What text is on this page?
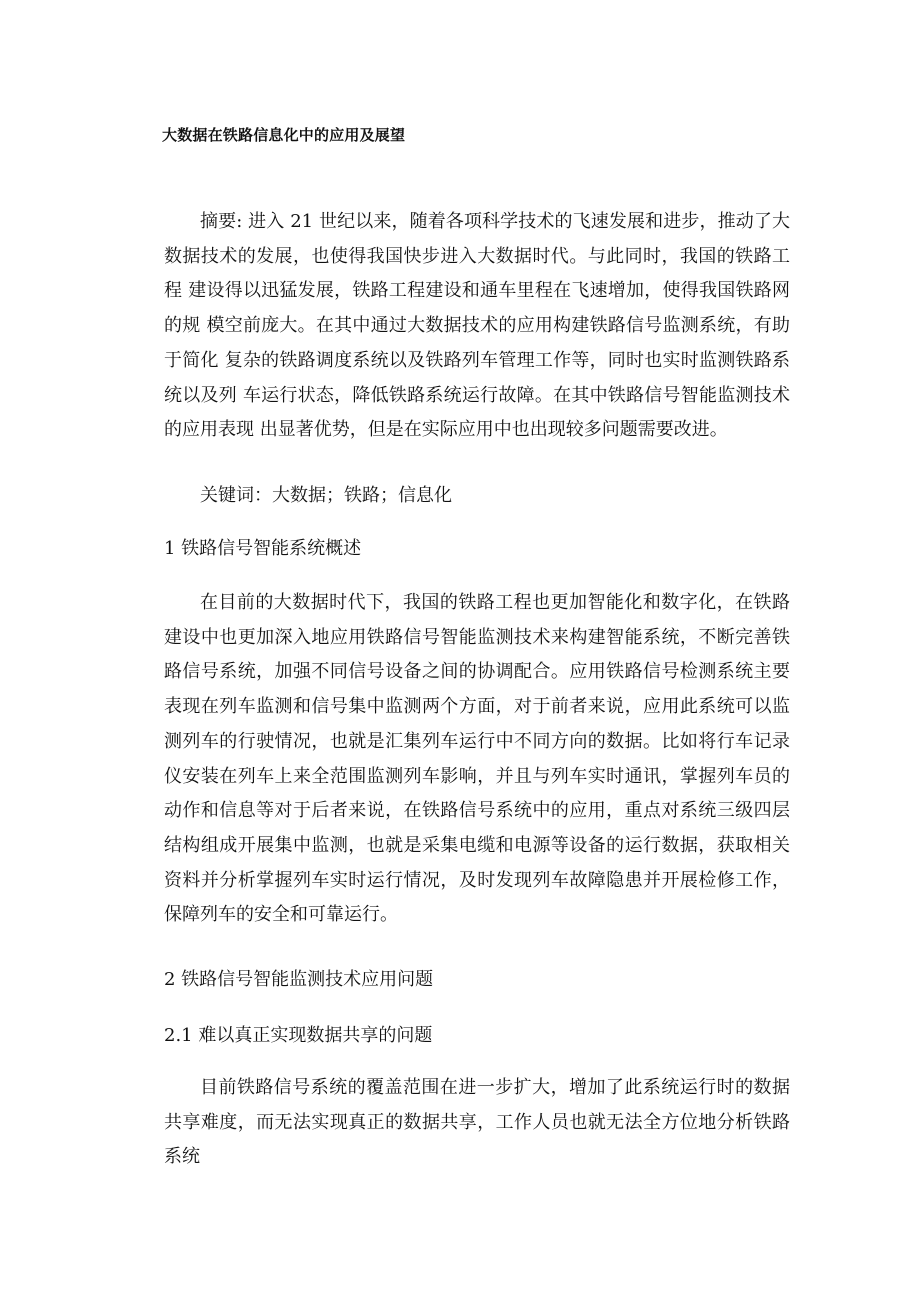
大数据在铁路信息化中的应用及展望

摘要: 进入 21 世纪以来，随着各项科学技术的飞速发展和进步，推动了大 数据技术的发展，也使得我国快步进入大数据时代。与此同时，我国的铁路工程 建设得以迅猛发展，铁路工程建设和通车里程在飞速增加，使得我国铁路网的规 模空前庞大。在其中通过大数据技术的应用构建铁路信号监测系统，有助于简化 复杂的铁路调度系统以及铁路列车管理工作等，同时也实时监测铁路系统以及列 车运行状态，降低铁路系统运行故障。在其中铁路信号智能监测技术的应用表现 出显著优势，但是在实际应用中也出现较多问题需要改进。

关键词：大数据；铁路；信息化

1 铁路信号智能系统概述

在目前的大数据时代下，我国的铁路工程也更加智能化和数字化，在铁路建设中也更加深入地应用铁路信号智能监测技术来构建智能系统，不断完善铁路信号系统，加强不同信号设备之间的协调配合。应用铁路信号检测系统主要表现在列车监测和信号集中监测两个方面，对于前者来说，应用此系统可以监测列车的行驶情况，也就是汇集列车运行中不同方向的数据。比如将行车记录仪安装在列车上来全范围监测列车影响，并且与列车实时通讯，掌握列车员的动作和信息等对于后者来说，在铁路信号系统中的应用，重点对系统三级四层结构组成开展集中监测，也就是采集电缆和电源等设备的运行数据，获取相关资料并分析掌握列车实时运行情况，及时发现列车故障隐患并开展检修工作，保障列车的安全和可靠运行。

2 铁路信号智能监测技术应用问题
2.1 难以真正实现数据共享的问题

目前铁路信号系统的覆盖范围在进一步扩大，增加了此系统运行时的数据共享难度，而无法实现真正的数据共享，工作人员也就无法全方位地分析铁路系统
